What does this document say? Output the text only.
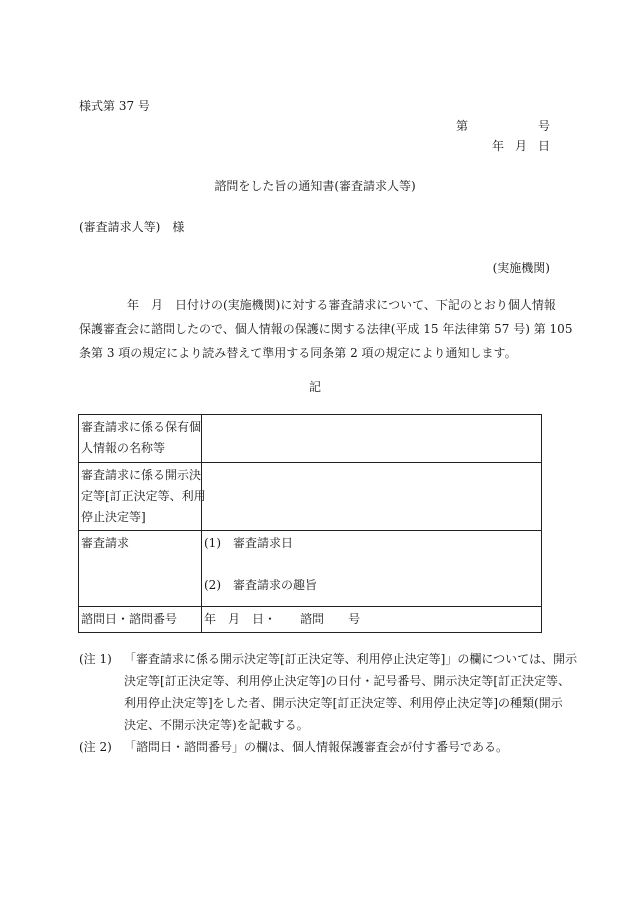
様式第 37 号
第	号
年 月 日
諮問をした旨の通知書(審査請求人等)
(審査請求人等)　様
(実施機関)
　　　　年　月　日付けの(実施機関)に対する審査請求について、下記のとおり個人情報
保護審査会に諮問したので、個人情報の保護に関する法律(平成 15 年法律第 57 号) 第 105
条第 3 項の規定により読み替えて準用する同条第 2 項の規定により通知します。
記
審査請求に係る保有個
人情報の名称等	

審査請求に係る開示決
定等[訂正決定等、利用
停止決定等]	

審査請求	(1)　審査請求日
(2)　審査請求の趣旨

諮問日・諮問番号	年 月 日・　諮問　号
(注 1) 「審査請求に係る開示決定等[訂正決定等、利用停止決定等]」の欄については、開示
決定等[訂正決定等、利用停止決定等]の日付・記号番号、開示決定等[訂正決定等、
利用停止決定等]をした者、開示決定等[訂正決定等、利用停止決定等]の種類(開示
決定、不開示決定等)を記載する。
(注 2) 「諮問日・諮問番号」の欄は、個人情報保護審査会が付す番号である。
